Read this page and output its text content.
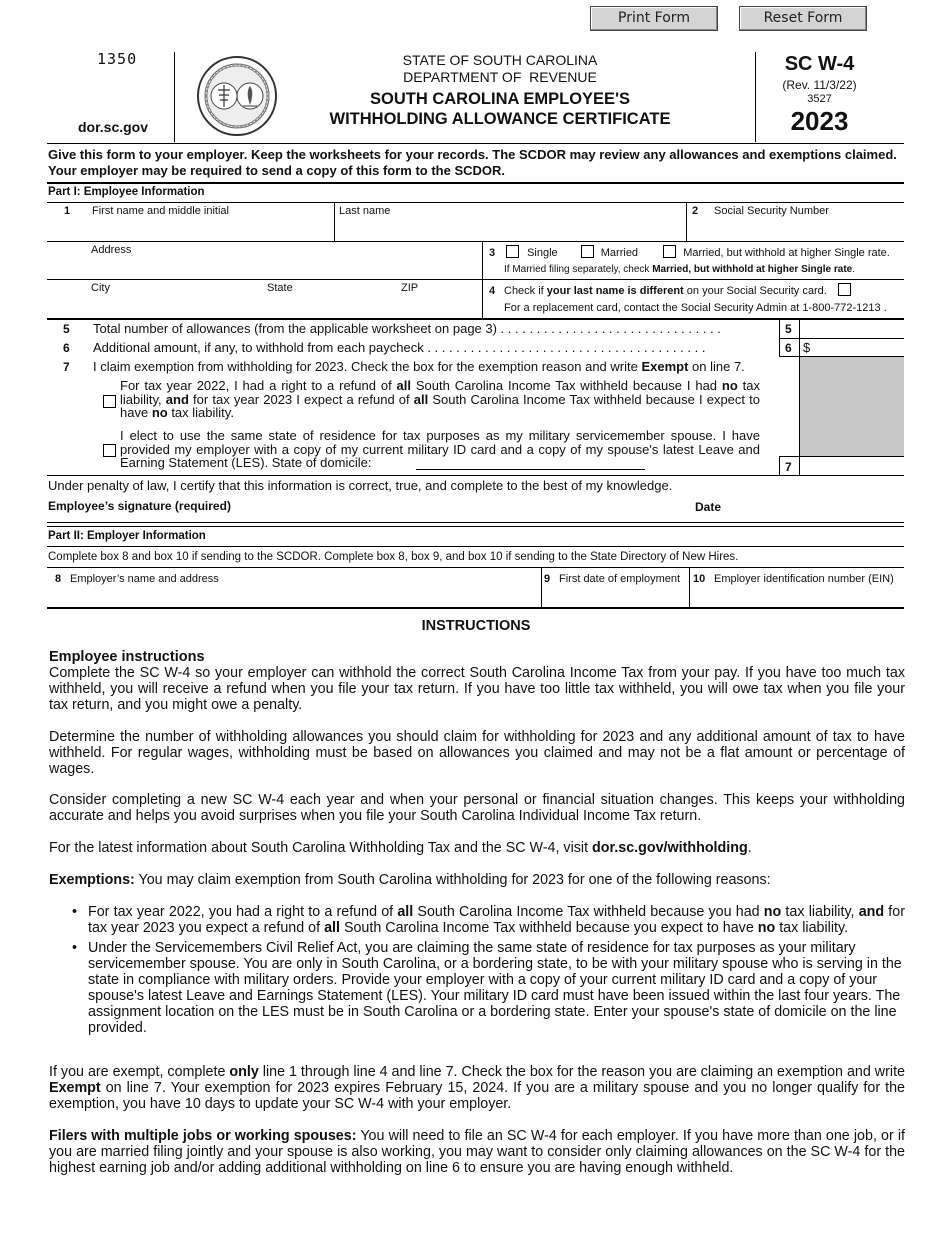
Print Form	Reset Form
1350
dor.sc.gov
STATE OF SOUTH CAROLINA
DEPARTMENT OF  REVENUE
SOUTH CAROLINA EMPLOYEE'S
WITHHOLDING ALLOWANCE CERTIFICATE
SC W-4
(Rev. 11/3/22)
3527
2023
Give this form to your employer. Keep the worksheets for your records. The SCDOR may review any allowances and exemptions claimed. Your employer may be required to send a copy of this form to the SCDOR.
Part I: Employee Information
1 First name and middle initial	Last name	2 Social Security Number
Address	3	Single	Married	Married, but withhold at higher Single rate.
If Married filing separately, check Married, but withhold at higher Single rate.
City	State	ZIP	4 Check if your last name is different on your Social Security card.
For a replacement card, contact the Social Security Admin at 1-800-772-1213 .
5 Total number of allowances (from the applicable worksheet on page 3) . . . . . . . . . . . . . . . . . . . . . . . . . . . . . . .	5
6 Additional amount, if any, to withhold from each paycheck . . . . . . . . . . . . . . . . . . . . . . . . . . . . . . . . . . . . . . .	6 $
7
7 I claim exemption from withholding for 2023. Check the box for the exemption reason and write Exempt on line 7.
For tax year 2022, I had a right to a refund of all South Carolina Income Tax withheld because I had no tax liability, and for tax year 2023 I expect a refund of all South Carolina Income Tax withheld because I expect to have no tax liability.
I elect to use the same state of residence for tax purposes as my military servicemember spouse. I have provided my employer with a copy of my current military ID card and a copy of my spouse's latest Leave and Earning Statement (LES). State of domicile:
Under penalty of law, I certify that this information is correct, true, and complete to the best of my knowledge.
Employee’s signature (required)	Date
Part II: Employer Information
Complete box 8 and box 10 if sending to the SCDOR. Complete box 8, box 9, and box 10 if sending to the State Directory of New Hires.
8 Employer’s name and address	9 First date of employment 10 Employer identification number (EIN)
INSTRUCTIONS
Employee instructions
Complete the SC W-4 so your employer can withhold the correct South Carolina Income Tax from your pay. If you have too much tax withheld, you will receive a refund when you file your tax return. If you have too little tax withheld, you will owe tax when you file your tax return, and you might owe a penalty.
Determine the number of withholding allowances you should claim for withholding for 2023 and any additional amount of tax to have withheld. For regular wages, withholding must be based on allowances you claimed and may not be a flat amount or percentage of wages.
Consider completing a new SC W-4 each year and when your personal or financial situation changes. This keeps your withholding accurate and helps you avoid surprises when you file your South Carolina Individual Income Tax return.
For the latest information about South Carolina Withholding Tax and the SC W-4, visit dor.sc.gov/withholding.
Exemptions: You may claim exemption from South Carolina withholding for 2023 for one of the following reasons:
• For tax year 2022, you had a right to a refund of all South Carolina Income Tax withheld because you had no tax liability, and for tax year 2023 you expect a refund of all South Carolina Income Tax withheld because you expect to have no tax liability.
• Under the Servicemembers Civil Relief Act, you are claiming the same state of residence for tax purposes as your military servicemember spouse. You are only in South Carolina, or a bordering state, to be with your military spouse who is serving in the state in compliance with military orders. Provide your employer with a copy of your current military ID card and a copy of your spouse's latest Leave and Earnings Statement (LES). Your military ID card must have been issued within the last four years. The assignment location on the LES must be in South Carolina or a bordering state. Enter your spouse's state of domicile on the line provided.
If you are exempt, complete only line 1 through line 4 and line 7. Check the box for the reason you are claiming an exemption and write Exempt on line 7. Your exemption for 2023 expires February 15, 2024. If you are a military spouse and you no longer qualify for the exemption, you have 10 days to update your SC W-4 with your employer.
Filers with multiple jobs or working spouses: You will need to file an SC W-4 for each employer. If you have more than one job, or if you are married filing jointly and your spouse is also working, you may want to consider only claiming allowances on the SC W-4 for the highest earning job and/or adding additional withholding on line 6 to ensure you are having enough withheld.
